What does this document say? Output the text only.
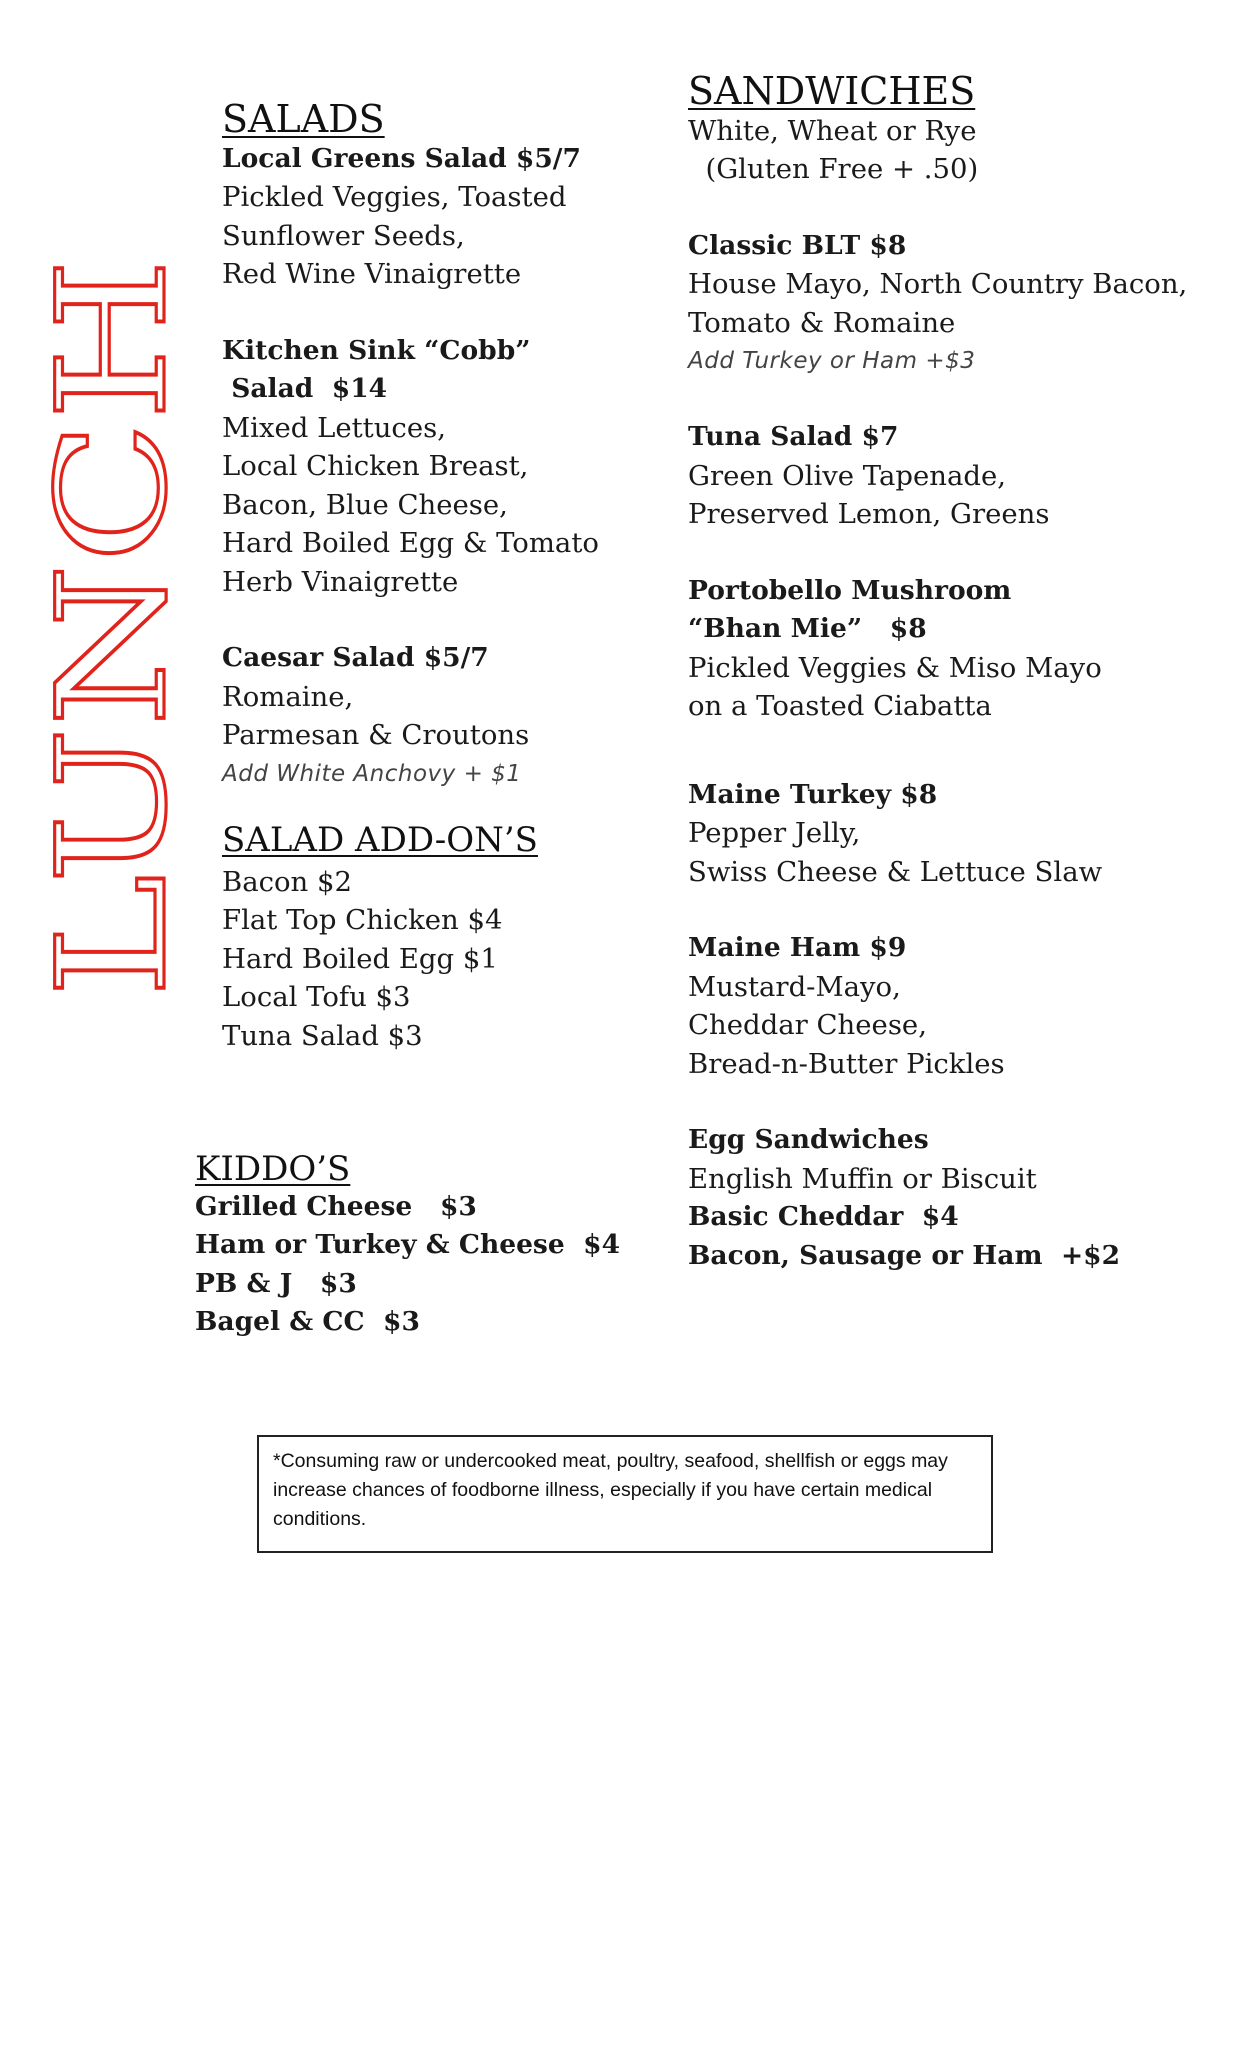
LUNCH
SALADS

Local Greens Salad $5/7

Pickled Veggies, Toasted

Sunflower Seeds,

Red Wine Vinaigrette

Kitchen Sink “Cobb”

Salad  $14

Mixed Lettuces,

Local Chicken Breast,

Bacon, Blue Cheese,

Hard Boiled Egg & Tomato

Herb Vinaigrette

Caesar Salad $5/7

Romaine,

Parmesan & Croutons

Add White Anchovy + $1

SALAD ADD-ON’S

Bacon $2

Flat Top Chicken $4

Hard Boiled Egg $1

Local Tofu $3

Tuna Salad $3

KIDDO’S

Grilled Cheese   $3

Ham or Turkey & Cheese  $4

PB & J   $3

Bagel & CC  $3

SANDWICHES

White, Wheat or Rye

(Gluten Free + .50)

Classic BLT $8

House Mayo, North Country Bacon,

Tomato & Romaine

Add Turkey or Ham +$3

Tuna Salad $7

Green Olive Tapenade,

Preserved Lemon, Greens

Portobello Mushroom

“Bhan Mie”   $8

Pickled Veggies & Miso Mayo

on a Toasted Ciabatta

Maine Turkey $8

Pepper Jelly,

Swiss Cheese & Lettuce Slaw

Maine Ham $9

Mustard-Mayo,

Cheddar Cheese,

Bread-n-Butter Pickles

Egg Sandwiches

English Muffin or Biscuit

Basic Cheddar  $4

Bacon, Sausage or Ham  +$2

*Consuming raw or undercooked meat, poultry, seafood, shellfish or eggs may increase chances of foodborne illness, especially if you have certain medical conditions.
